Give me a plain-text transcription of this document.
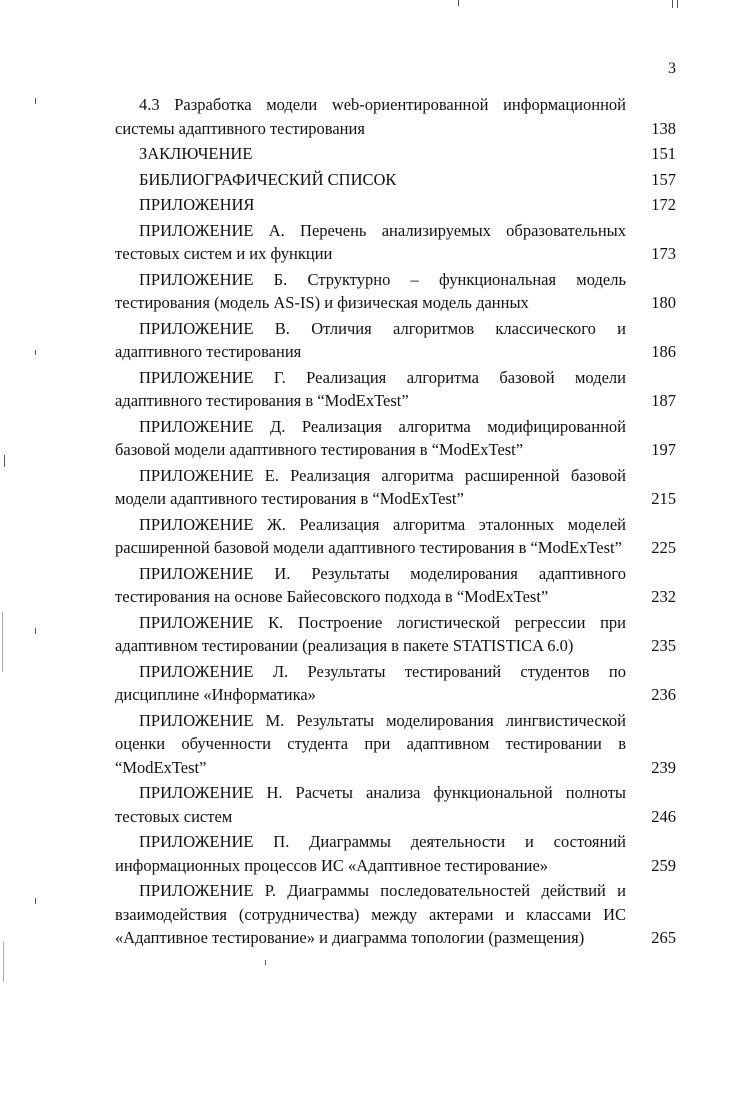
3
4.3 Разработка модели web-ориентированной информационной
системы адаптивного тестирования	138
ЗАКЛЮЧЕНИЕ	151
БИБЛИОГРАФИЧЕСКИЙ СПИСОК	157
ПРИЛОЖЕНИЯ	172
ПРИЛОЖЕНИЕ А. Перечень анализируемых образовательных
тестовых систем и их функции	173
ПРИЛОЖЕНИЕ Б. Структурно – функциональная модель
тестирования (модель AS-IS) и физическая модель данных	180
ПРИЛОЖЕНИЕ В. Отличия алгоритмов классического и
адаптивного тестирования	186
ПРИЛОЖЕНИЕ Г. Реализация алгоритма базовой модели
адаптивного тестирования в “ModExTest”	187
ПРИЛОЖЕНИЕ Д. Реализация алгоритма модифицированной
базовой модели адаптивного тестирования в “ModExTest”	197
ПРИЛОЖЕНИЕ Е. Реализация алгоритма расширенной базовой
модели адаптивного тестирования в “ModExTest”	215
ПРИЛОЖЕНИЕ Ж. Реализация алгоритма эталонных моделей
расширенной базовой модели адаптивного тестирования в “ModExTest” 225
ПРИЛОЖЕНИЕ И. Результаты моделирования адаптивного
тестирования на основе Байесовского подхода в “ModExTest”	232
ПРИЛОЖЕНИЕ К. Построение логистической регрессии при
адаптивном тестировании (реализация в пакете STATISTICA 6.0)	235
ПРИЛОЖЕНИЕ Л. Результаты тестирований студентов по
дисциплине «Информатика»	236
ПРИЛОЖЕНИЕ М. Результаты моделирования лингвистической
оценки обученности студента при адаптивном тестировании в
“ModExTest”	239
ПРИЛОЖЕНИЕ Н. Расчеты анализа функциональной полноты
тестовых систем	246
ПРИЛОЖЕНИЕ П. Диаграммы деятельности и состояний
информационных процессов ИС «Адаптивное тестирование»	259
ПРИЛОЖЕНИЕ Р. Диаграммы последовательностей действий и
взаимодействия (сотрудничества) между актерами и классами ИС
«Адаптивное тестирование» и диаграмма топологии (размещения)	265
